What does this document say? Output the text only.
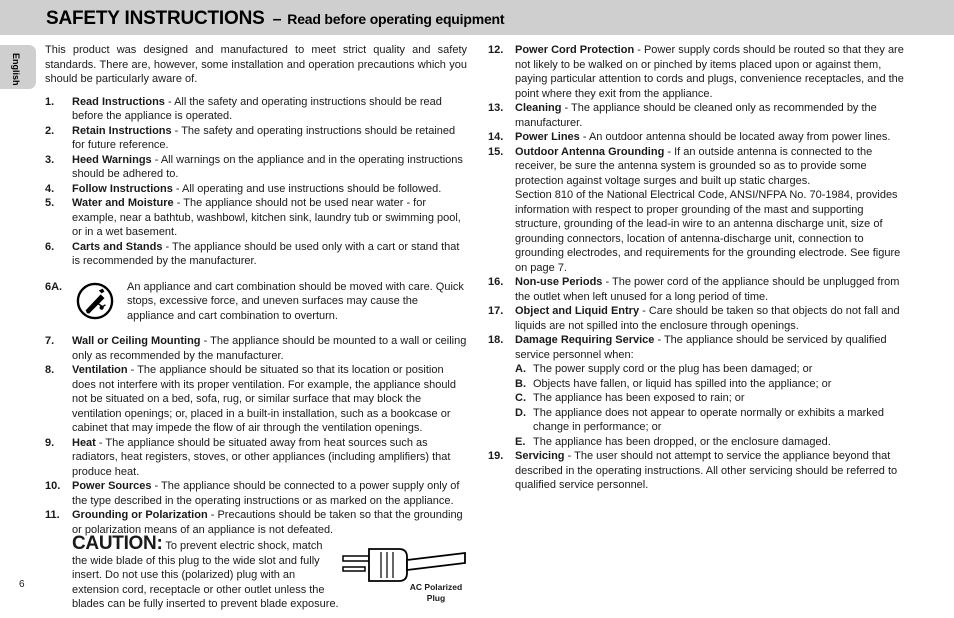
SAFETY INSTRUCTIONS – Read before operating equipment
English
6

This product was designed and manufactured to meet strict quality and safety standards. There are, however, some installation and operation precautions which you should be particularly aware of.

1. Read Instructions - All the safety and operating instructions should be read before the appliance is operated.

2. Retain Instructions - The safety and operating instructions should be retained for future reference.

3. Heed Warnings - All warnings on the appliance and in the operating instructions should be adhered to.

4. Follow Instructions - All operating and use instructions should be followed.

5. Water and Moisture - The appliance should not be used near water - for example, near a bathtub, washbowl, kitchen sink, laundry tub or swimming pool, or in a wet basement.

6. Carts and Stands - The appliance should be used only with a cart or stand that is recommended by the manufacturer.

6A.	An appliance and cart combination should be moved with care. Quick stops, excessive force, and uneven surfaces may cause the appliance and cart combination to overturn.

7. Wall or Ceiling Mounting - The appliance should be mounted to a wall or ceiling only as recommended by the manufacturer.

8. Ventilation - The appliance should be situated so that its location or position does not interfere with its proper ventilation. For example, the appliance should not be situated on a bed, sofa, rug, or similar surface that may block the ventilation openings; or, placed in a built-in installation, such as a bookcase or cabinet that may impede the flow of air through the ventilation openings.

9. Heat - The appliance should be situated away from heat sources such as radiators, heat registers, stoves, or other appliances (including amplifiers) that produce heat.

10. Power Sources - The appliance should be connected to a power supply only of the type described in the operating instructions or as marked on the appliance.

11. Grounding or Polarization - Precautions should be taken so that the grounding or polarization means of an appliance is not defeated.

CAUTION: To prevent electric shock, match the wide blade of this plug to the wide slot and fully insert. Do not use this (polarized) plug with an extension cord, receptacle or other outlet unless the blades can be fully inserted to prevent blade exposure.
AC Polarized Plug
12. Power Cord Protection - Power supply cords should be routed so that they are not likely to be walked on or pinched by items placed upon or against them, paying particular attention to cords and plugs, convenience receptacles, and the point where they exit from the appliance.

13. Cleaning - The appliance should be cleaned only as recommended by the manufacturer.

14. Power Lines - An outdoor antenna should be located away from power lines.

15. Outdoor Antenna Grounding - If an outside antenna is connected to the receiver, be sure the antenna system is grounded so as to provide some protection against voltage surges and built up static charges.

Section 810 of the National Electrical Code, ANSI/NFPA No. 70-1984, provides information with respect to proper grounding of the mast and supporting structure, grounding of the lead-in wire to an antenna discharge unit, size of grounding connectors, location of antenna-discharge unit, connection to grounding electrodes, and requirements for the grounding electrode. See figure on page 7.

16. Non-use Periods - The power cord of the appliance should be unplugged from the outlet when left unused for a long period of time.

17. Object and Liquid Entry - Care should be taken so that objects do not fall and liquids are not spilled into the enclosure through openings.

18. Damage Requiring Service - The appliance should be serviced by qualified service personnel when:

A. The power supply cord or the plug has been damaged; or
B. Objects have fallen, or liquid has spilled into the appliance; or
C. The appliance has been exposed to rain; or
D. The appliance does not appear to operate normally or exhibits a marked change in performance; or
E. The appliance has been dropped, or the enclosure damaged.
19. Servicing - The user should not attempt to service the appliance beyond that described in the operating instructions. All other servicing should be referred to qualified service personnel.
